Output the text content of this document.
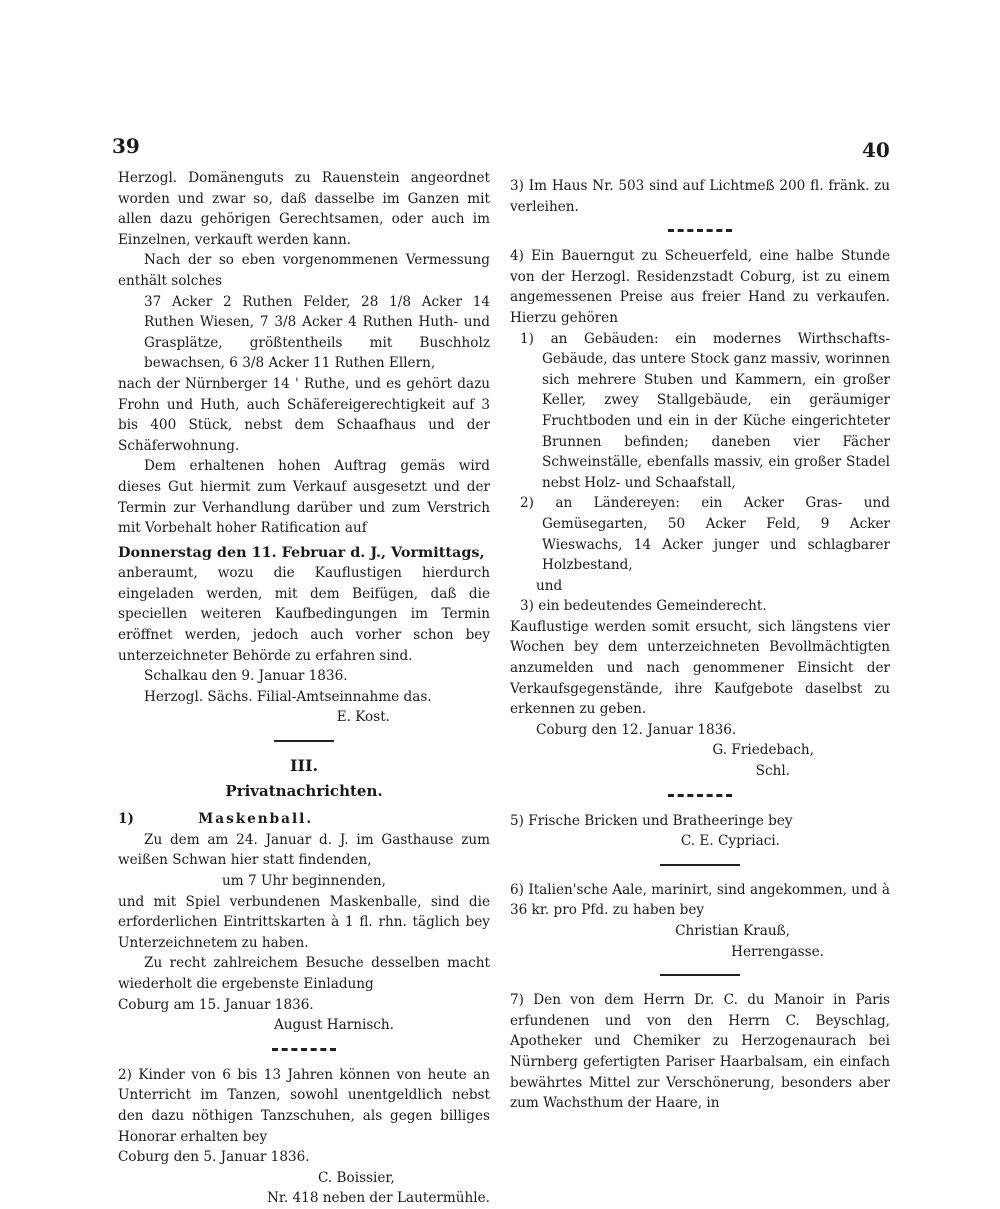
39	40

Herzogl. Domänenguts zu Rauenstein angeordnet worden und zwar so, daß dasselbe im Ganzen mit allen dazu gehörigen Gerechtsamen, oder auch im Einzelnen, verkauft werden kann.

Nach der so eben vorgenommenen Vermessung enthält solches

37 Acker 2 Ruthen Felder, 28 1/8 Acker 14 Ruthen Wiesen, 7 3/8 Acker 4 Ruthen Huth- und Grasplätze, größtentheils mit Buschholz bewachsen, 6 3/8 Acker 11 Ruthen Ellern,

nach der Nürnberger 14 ' Ruthe, und es gehört dazu Frohn und Huth, auch Schäfereigerechtigkeit auf 3 bis 400 Stück, nebst dem Schaafhaus und der Schäferwohnung.

Dem erhaltenen hohen Auftrag gemäs wird dieses Gut hiermit zum Verkauf ausgesetzt und der Termin zur Verhandlung darüber und zum Verstrich mit Vorbehalt hoher Ratification auf

Donnerstag den 11. Februar d. J., Vormittags,

anberaumt, wozu die Kauflustigen hierdurch eingeladen werden, mit dem Beifügen, daß die speciellen weiteren Kaufbedingungen im Termin eröffnet werden, jedoch auch vorher schon bey unterzeichneter Behörde zu erfahren sind.

Schalkau den 9. Januar 1836.

Herzogl. Sächs. Filial-Amtseinnahme das.

E. Kost.

III.

Privatnachrichten.

1)	Maskenball.

Zu dem am 24. Januar d. J. im Gasthause zum weißen Schwan hier statt findenden,

um 7 Uhr beginnenden,

und mit Spiel verbundenen Maskenballe, sind die erforderlichen Eintrittskarten à 1 fl. rhn. täglich bey Unterzeichnetem zu haben.

Zu recht zahlreichem Besuche desselben macht wiederholt die ergebenste Einladung

Coburg am 15. Januar 1836.

August Harnisch.

2) Kinder von 6 bis 13 Jahren können von heute an Unterricht im Tanzen, sowohl unentgeldlich nebst den dazu nöthigen Tanzschuhen, als gegen billiges Honorar erhalten bey

Coburg den 5. Januar 1836.

C. Boissier,

Nr. 418 neben der Lautermühle.

3) Im Haus Nr. 503 sind auf Lichtmeß 200 fl. fränk. zu verleihen.

4) Ein Bauerngut zu Scheuerfeld, eine halbe Stunde von der Herzogl. Residenzstadt Coburg, ist zu einem angemessenen Preise aus freier Hand zu verkaufen. Hierzu gehören

1) an Gebäuden: ein modernes Wirthschafts-Gebäude, das untere Stock ganz massiv, worinnen sich mehrere Stuben und Kammern, ein großer Keller, zwey Stallgebäude, ein geräumiger Fruchtboden und ein in der Küche eingerichteter Brunnen befinden; daneben vier Fächer Schweinställe, ebenfalls massiv, ein großer Stadel nebst Holz- und Schaafstall,

2) an Ländereyen: ein Acker Gras- und Gemüsegarten, 50 Acker Feld, 9 Acker Wieswachs, 14 Acker junger und schlagbarer Holzbestand,

und

3) ein bedeutendes Gemeinderecht.

Kauflustige werden somit ersucht, sich längstens vier Wochen bey dem unterzeichneten Bevollmächtigten anzumelden und nach genommener Einsicht der Verkaufsgegenstände, ihre Kaufgebote daselbst zu erkennen zu geben.

Coburg den 12. Januar 1836.

G. Friedebach,

Schl.

5) Frische Bricken und Bratheeringe bey

C. E. Cypriaci.

6) Italien'sche Aale, marinirt, sind angekommen, und à 36 kr. pro Pfd. zu haben bey

Christian Krauß,

Herrengasse.

7) Den von dem Herrn Dr. C. du Manoir in Paris erfundenen und von den Herrn C. Beyschlag, Apotheker und Chemiker zu Herzogenaurach bei Nürnberg gefertigten Pariser Haarbalsam, ein einfach bewährtes Mittel zur Verschönerung, besonders aber zum Wachsthum der Haare, in
